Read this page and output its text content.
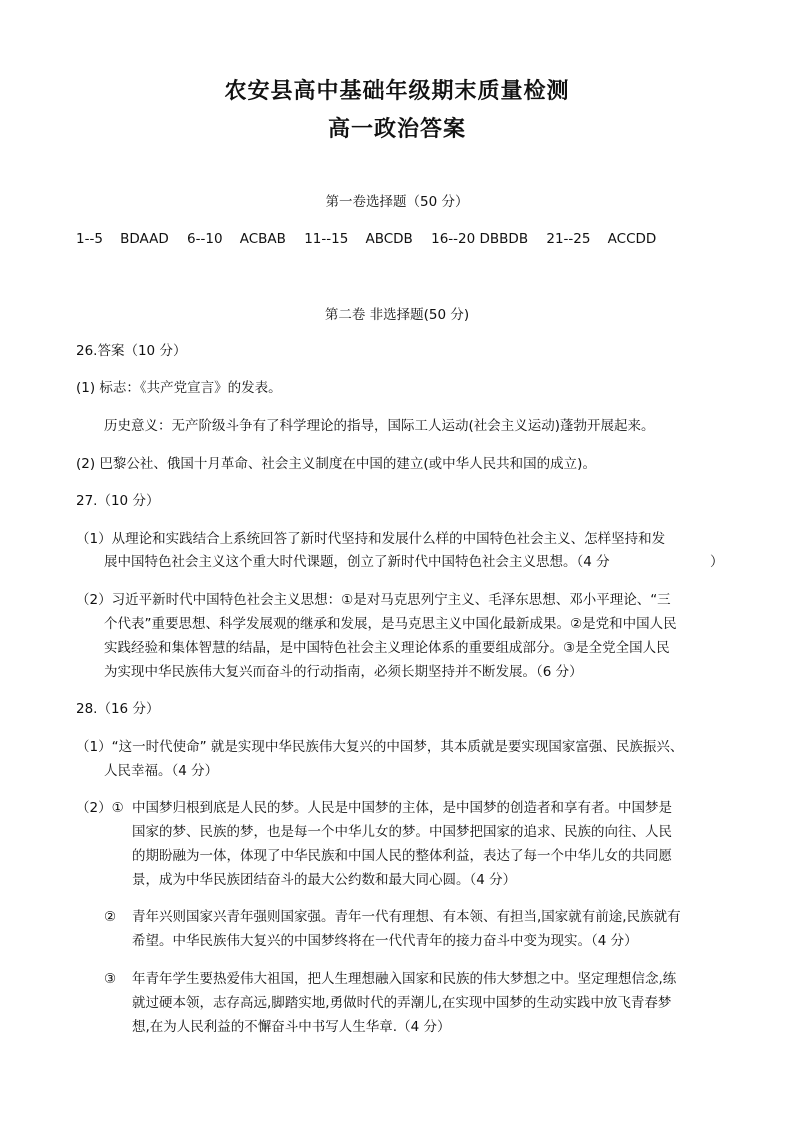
农安县高中基础年级期末质量检测
高一政治答案
第一卷选择题（50 分）
1--5    BDAAD 6--10    ACBAB 11--15    ABCDB 16--20 DBBDB 21--25    ACCDD
第二卷 非选择题(50 分)
26.答案（10 分）
(1) 标志：《共产党宣言》的发表。
历史意义：无产阶级斗争有了科学理论的指导，国际工人运动(社会主义运动)蓬勃开展起来。
(2) 巴黎公社、俄国十月革命、社会主义制度在中国的建立(或中华人民共和国的成立)。
27.（10 分）
（1）从理论和实践结合上系统回答了新时代坚持和发展什么样的中国特色社会主义、怎样坚持和发
展中国特色社会主义这个重大时代课题，创立了新时代中国特色社会主义思想。（4 分	）
（2）习近平新时代中国特色社会主义思想：①是对马克思列宁主义、毛泽东思想、邓小平理论、“三
个代表”重要思想、科学发展观的继承和发展，是马克思主义中国化最新成果。②是党和中国人民
实践经验和集体智慧的结晶，是中国特色社会主义理论体系的重要组成部分。③是全党全国人民
为实现中华民族伟大复兴而奋斗的行动指南，必须长期坚持并不断发展。（6 分）
28.（16 分）
（1）“这一时代使命” 就是实现中华民族伟大复兴的中国梦，其本质就是要实现国家富强、民族振兴、
人民幸福。（4 分）
（2）① 中国梦归根到底是人民的梦。人民是中国梦的主体，是中国梦的创造者和享有者。中国梦是
国家的梦、民族的梦，也是每一个中华儿女的梦。中国梦把国家的追求、民族的向往、人民
的期盼融为一体，体现了中华民族和中国人民的整体利益，表达了每一个中华儿女的共同愿
景，成为中华民族团结奋斗的最大公约数和最大同心圆。（4 分）
② 青年兴则国家兴青年强则国家强。青年一代有理想、有本领、有担当,国家就有前途,民族就有
希望。中华民族伟大复兴的中国梦终将在一代代青年的接力奋斗中变为现实。（4 分）
③ 年青年学生要热爱伟大祖国，把人生理想融入国家和民族的伟大梦想之中。坚定理想信念,练
就过硬本领，志存高远,脚踏实地,勇做时代的弄潮儿,在实现中国梦的生动实践中放飞青春梦
想,在为人民利益的不懈奋斗中书写人生华章.（4 分）
